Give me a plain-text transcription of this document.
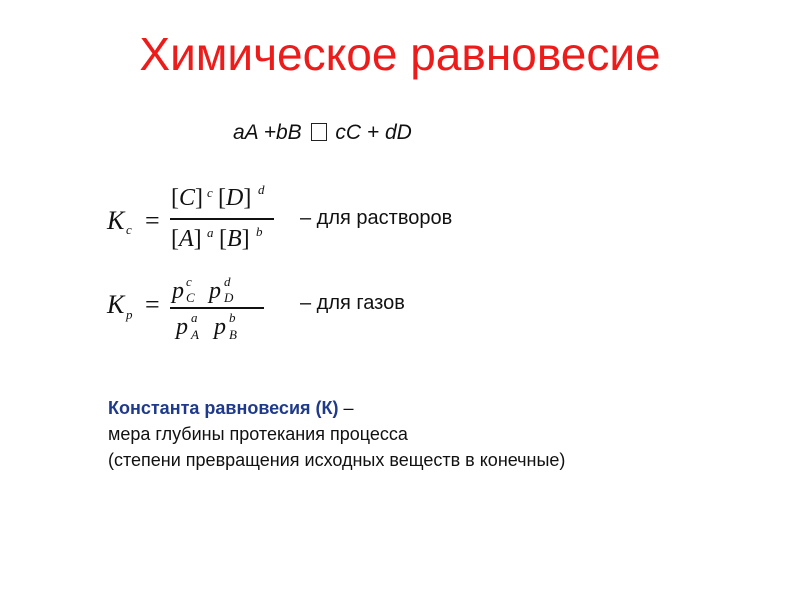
Химическое равновесие
aA +bB  cC + dD
K c =
[C] c [D] d
[A] a [B] b
– для растворов
K p = p c
C p d
D
p a
A p b
B
– для газов
Константа равновесия (К) –
мера глубины протекания процесса
(степени превращения исходных веществ в конечные)
